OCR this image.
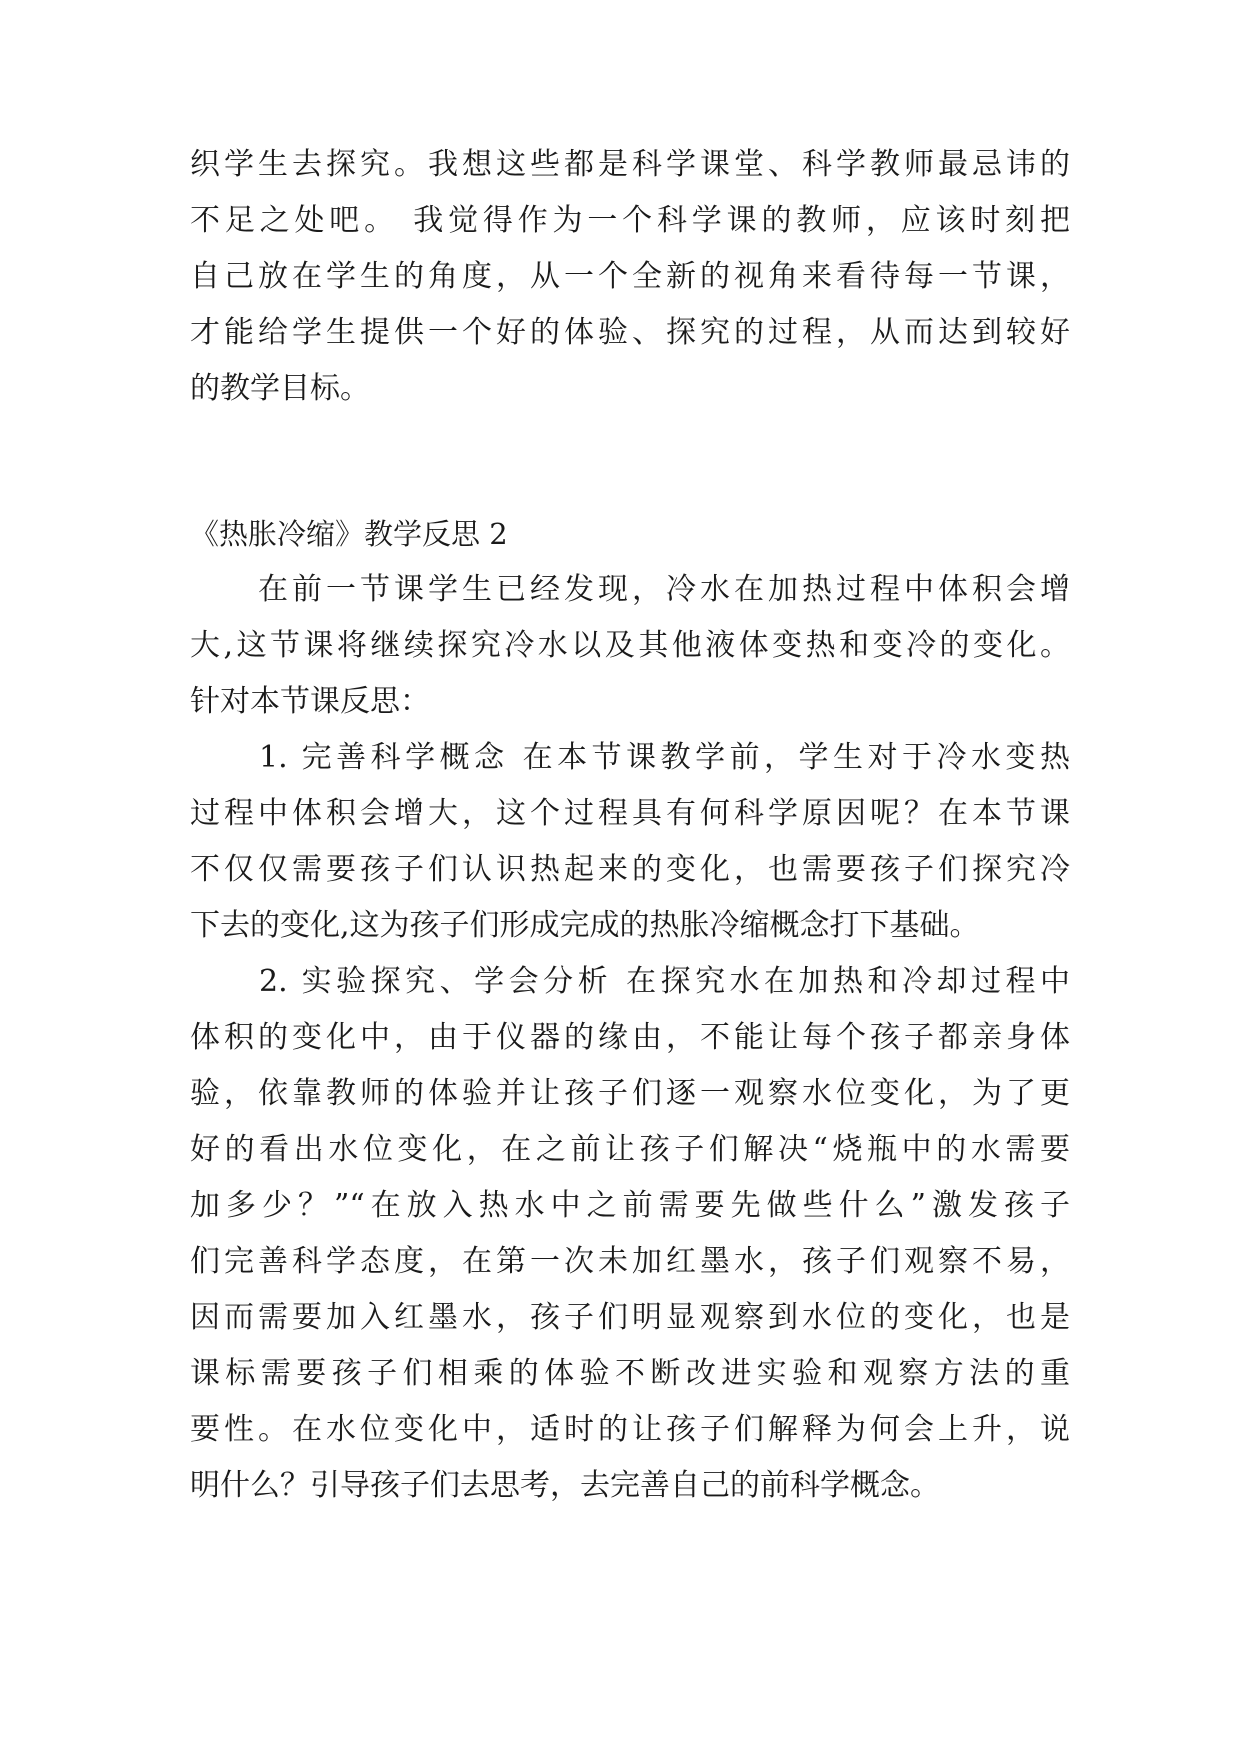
织学生去探究。我想这些都是科学课堂、科学教师最忌讳的
不足之处吧。 我觉得作为一个科学课的教师，应该时刻把
自己放在学生的角度，从一个全新的视角来看待每一节课，
才能给学生提供一个好的体验、探究的过程，从而达到较好
的教学目标。
《热胀冷缩》教学反思 2
　　在前一节课学生已经发现，冷水在加热过程中体积会增
大,这节课将继续探究冷水以及其他液体变热和变冷的变化。
针对本节课反思：
　　1. 完善科学概念 在本节课教学前，学生对于冷水变热
过程中体积会增大，这个过程具有何科学原因呢？在本节课
不仅仅需要孩子们认识热起来的变化，也需要孩子们探究冷
下去的变化,这为孩子们形成完成的热胀冷缩概念打下基础。
　　2. 实验探究、学会分析 在探究水在加热和冷却过程中
体积的变化中，由于仪器的缘由，不能让每个孩子都亲身体
验，依靠教师的体验并让孩子们逐一观察水位变化，为了更
好的看出水位变化，在之前让孩子们解决“烧瓶中的水需要
加多少？”“在放入热水中之前需要先做些什么”激发孩子
们完善科学态度，在第一次未加红墨水，孩子们观察不易，
因而需要加入红墨水，孩子们明显观察到水位的变化，也是
课标需要孩子们相乘的体验不断改进实验和观察方法的重
要性。在水位变化中，适时的让孩子们解释为何会上升，说
明什么？引导孩子们去思考，去完善自己的前科学概念。
